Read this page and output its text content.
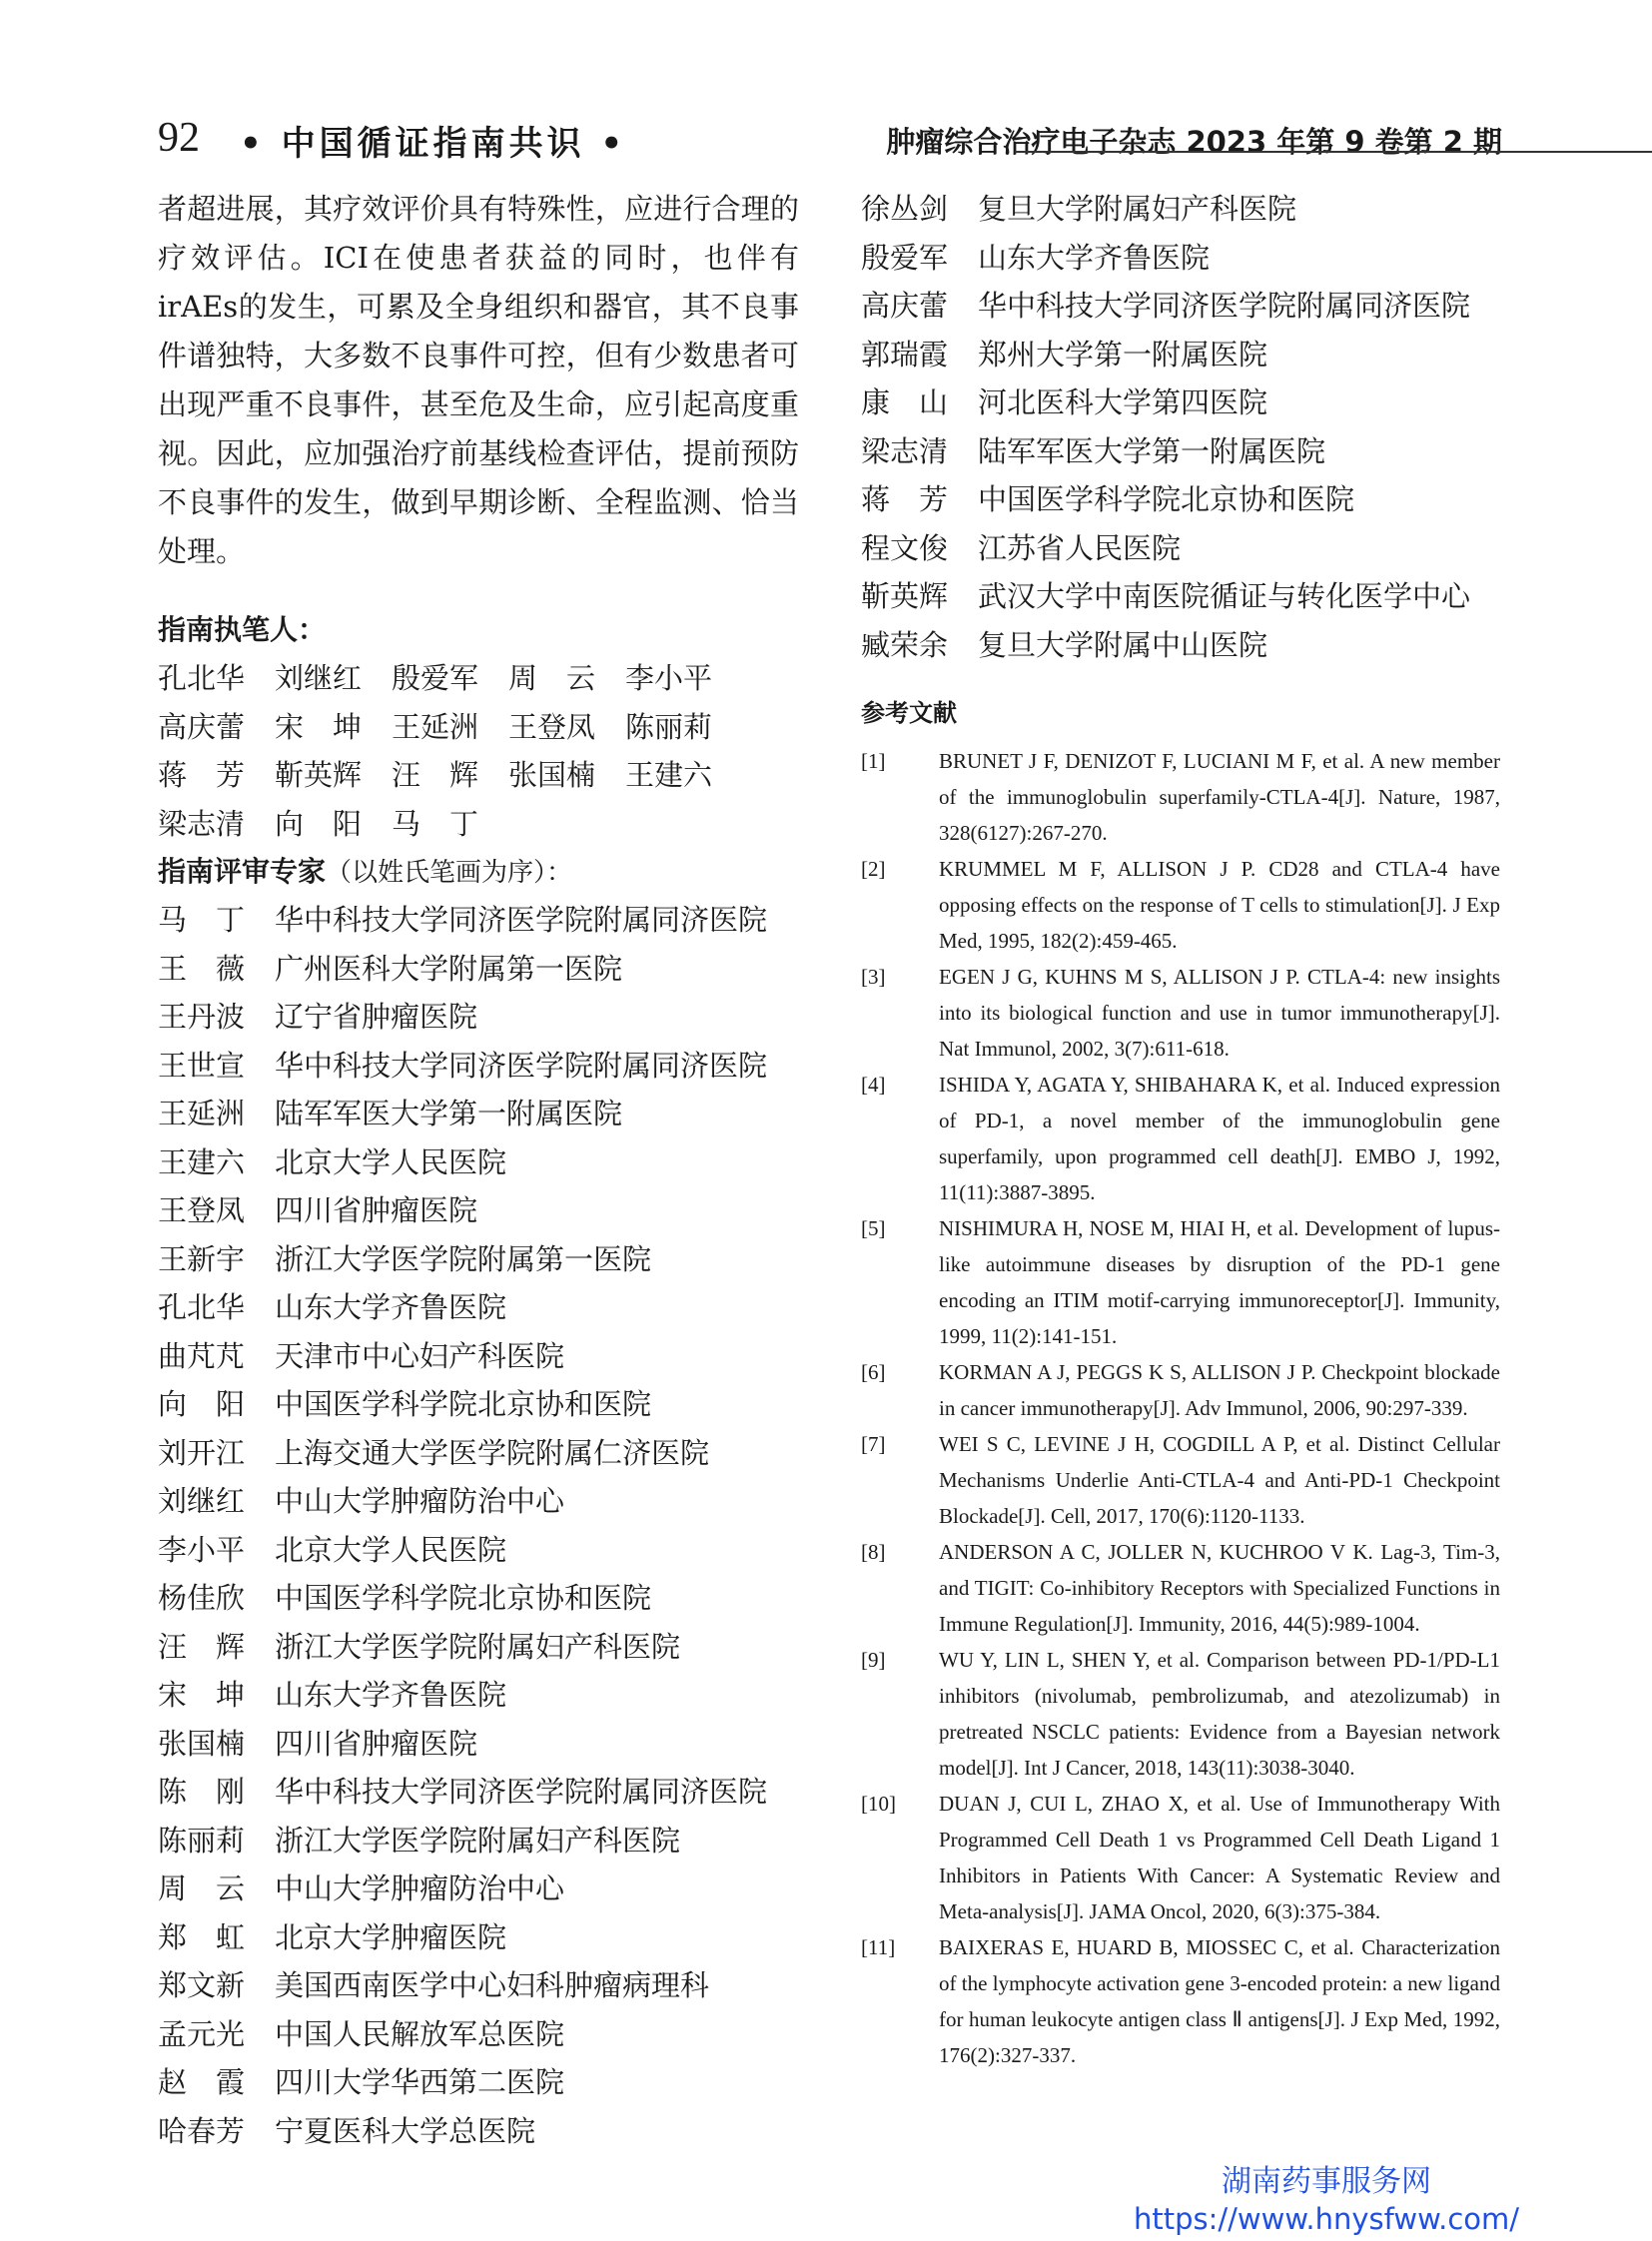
92 • 中国循证指南共识 •	肿瘤综合治疗电子杂志 2023 年第 9 卷第 2 期

者超进展，其疗效评价具有特殊性，应进行合理的疗效评估。ICI在使患者获益的同时，也伴有irAEs的发生，可累及全身组织和器官，其不良事件谱独特，大多数不良事件可控，但有少数患者可出现严重不良事件，甚至危及生命，应引起高度重视。因此，应加强治疗前基线检查评估，提前预防不良事件的发生，做到早期诊断、全程监测、恰当处理。

指南执笔人：

孔北华	刘继红	殷爱军	周　云	李小平
高庆蕾	宋　坤	王延洲	王登凤	陈丽莉
蒋　芳	靳英辉	汪　辉	张国楠	王建六
梁志清	向　阳	马　丁

指南评审专家（以姓氏笔画为序）：

马　丁	华中科技大学同济医学院附属同济医院
王　薇	广州医科大学附属第一医院
王丹波	辽宁省肿瘤医院
王世宣	华中科技大学同济医学院附属同济医院
王延洲	陆军军医大学第一附属医院
王建六	北京大学人民医院
王登凤	四川省肿瘤医院
王新宇	浙江大学医学院附属第一医院
孔北华	山东大学齐鲁医院
曲芃芃	天津市中心妇产科医院
向　阳	中国医学科学院北京协和医院
刘开江	上海交通大学医学院附属仁济医院
刘继红	中山大学肿瘤防治中心
李小平	北京大学人民医院
杨佳欣	中国医学科学院北京协和医院
汪　辉	浙江大学医学院附属妇产科医院
宋　坤	山东大学齐鲁医院
张国楠	四川省肿瘤医院
陈　刚	华中科技大学同济医学院附属同济医院
陈丽莉	浙江大学医学院附属妇产科医院
周　云	中山大学肿瘤防治中心
郑　虹	北京大学肿瘤医院
郑文新	美国西南医学中心妇科肿瘤病理科
孟元光	中国人民解放军总医院
赵　霞	四川大学华西第二医院
哈春芳	宁夏医科大学总医院
徐丛剑	复旦大学附属妇产科医院
殷爱军	山东大学齐鲁医院
高庆蕾	华中科技大学同济医学院附属同济医院
郭瑞霞	郑州大学第一附属医院
康　山	河北医科大学第四医院
梁志清	陆军军医大学第一附属医院
蒋　芳	中国医学科学院北京协和医院
程文俊	江苏省人民医院
靳英辉	武汉大学中南医院循证与转化医学中心
臧荣余	复旦大学附属中山医院
参考文献
[1]	BRUNET J F, DENIZOT F, LUCIANI M F, et al. A new member of the immunoglobulin superfamily-CTLA-4[J]. Nature, 1987, 328(6127):267-270.
[2]	KRUMMEL M F, ALLISON J P. CD28 and CTLA-4 have opposing effects on the response of T cells to stimulation[J]. J Exp Med, 1995, 182(2):459-465.
[3]	EGEN J G, KUHNS M S, ALLISON J P. CTLA-4: new insights into its biological function and use in tumor immunotherapy[J]. Nat Immunol, 2002, 3(7):611-618.
[4]	ISHIDA Y, AGATA Y, SHIBAHARA K, et al. Induced expression of PD-1, a novel member of the immunoglobulin gene superfamily, upon programmed cell death[J]. EMBO J, 1992, 11(11):3887-3895.
[5]	NISHIMURA H, NOSE M, HIAI H, et al. Development of lupus-like autoimmune diseases by disruption of the PD-1 gene encoding an ITIM motif-carrying immunoreceptor[J]. Immunity, 1999, 11(2):141-151.
[6]	KORMAN A J, PEGGS K S, ALLISON J P. Checkpoint blockade in cancer immunotherapy[J]. Adv Immunol, 2006, 90:297-339.
[7]	WEI S C, LEVINE J H, COGDILL A P, et al. Distinct Cellular Mechanisms Underlie Anti-CTLA-4 and Anti-PD-1 Checkpoint Blockade[J]. Cell, 2017, 170(6):1120-1133.
[8]	ANDERSON A C, JOLLER N, KUCHROO V K. Lag-3, Tim-3, and TIGIT: Co-inhibitory Receptors with Specialized Functions in Immune Regulation[J]. Immunity, 2016, 44(5):989-1004.
[9]	WU Y, LIN L, SHEN Y, et al. Comparison between PD-1/PD-L1 inhibitors (nivolumab, pembrolizumab, and atezolizumab) in pretreated NSCLC patients: Evidence from a Bayesian network model[J]. Int J Cancer, 2018, 143(11):3038-3040.
[10]	DUAN J, CUI L, ZHAO X, et al. Use of Immunotherapy With Programmed Cell Death 1 vs Programmed Cell Death Ligand 1 Inhibitors in Patients With Cancer: A Systematic Review and Meta-analysis[J]. JAMA Oncol, 2020, 6(3):375-384.
[11]	BAIXERAS E, HUARD B, MIOSSEC C, et al. Characterization of the lymphocyte activation gene 3-encoded protein: a new ligand for human leukocyte antigen class Ⅱ antigens[J]. J Exp Med, 1992, 176(2):327-337.
湖南药事服务网
https://www.hnysfww.com/
